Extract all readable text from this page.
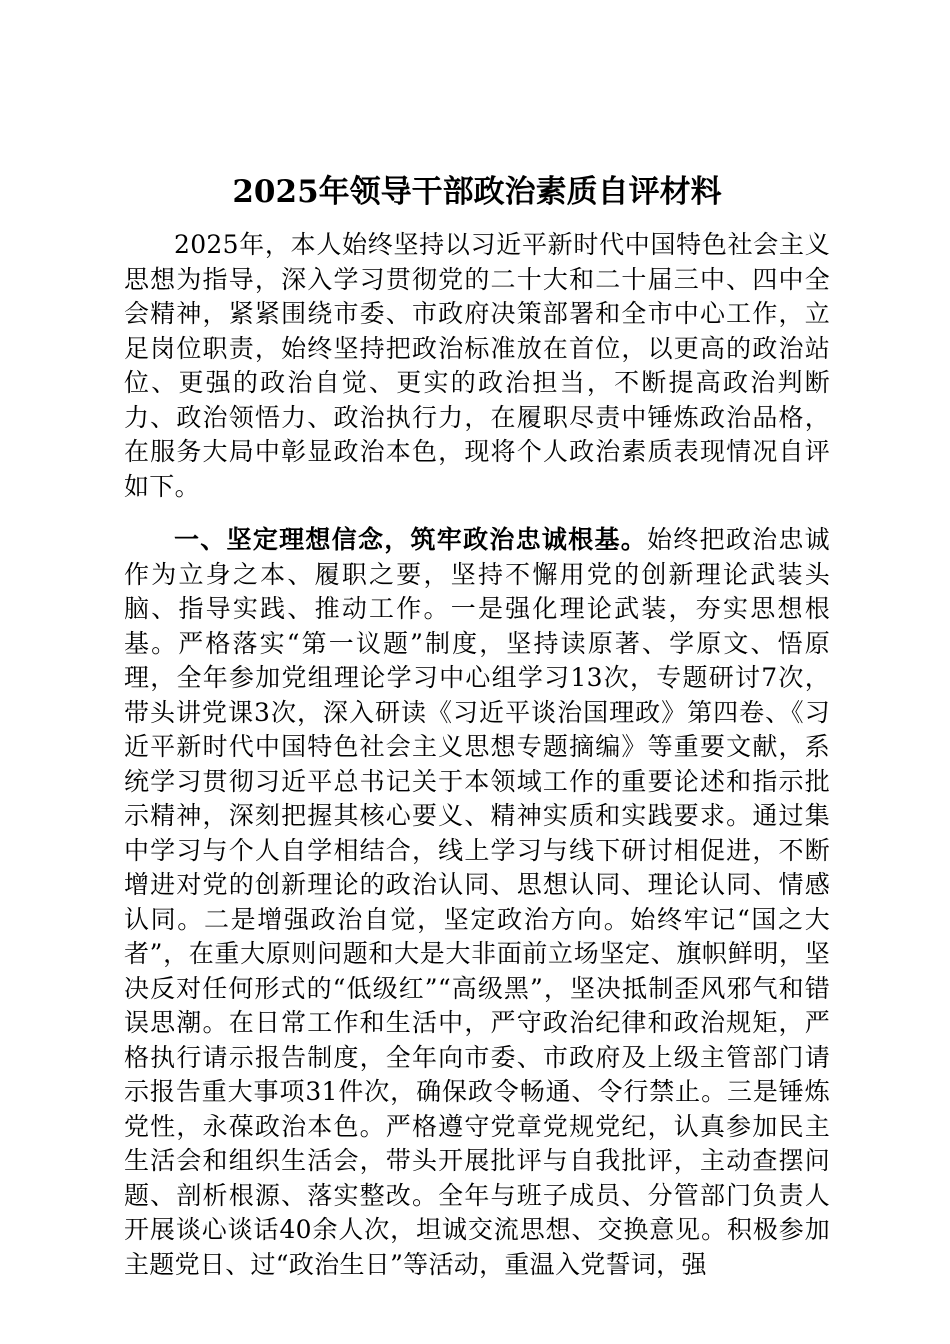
2025年领导干部政治素质自评材料

2025年，本人始终坚持以习近平新时代中国特色社会主义思想为指导，深入学习贯彻党的二十大和二十届三中、四中全会精神，紧紧围绕市委、市政府决策部署和全市中心工作，立足岗位职责，始终坚持把政治标准放在首位，以更高的政治站位、更强的政治自觉、更实的政治担当，不断提高政治判断力、政治领悟力、政治执行力，在履职尽责中锤炼政治品格，在服务大局中彰显政治本色，现将个人政治素质表现情况自评如下。

一、坚定理想信念，筑牢政治忠诚根基。始终把政治忠诚作为立身之本、履职之要，坚持不懈用党的创新理论武装头脑、指导实践、推动工作。一是强化理论武装，夯实思想根基。严格落实“第一议题”制度，坚持读原著、学原文、悟原理，全年参加党组理论学习中心组学习13次，专题研讨7次，带头讲党课3次，深入研读《习近平谈治国理政》第四卷、《习近平新时代中国特色社会主义思想专题摘编》等重要文献，系统学习贯彻习近平总书记关于本领域工作的重要论述和指示批示精神，深刻把握其核心要义、精神实质和实践要求。通过集中学习与个人自学相结合，线上学习与线下研讨相促进，不断增进对党的创新理论的政治认同、思想认同、理论认同、情感认同。二是增强政治自觉，坚定政治方向。始终牢记“国之大者”，在重大原则问题和大是大非面前立场坚定、旗帜鲜明，坚决反对任何形式的“低级红”“高级黑”，坚决抵制歪风邪气和错误思潮。在日常工作和生活中，严守政治纪律和政治规矩，严格执行请示报告制度，全年向市委、市政府及上级主管部门请示报告重大事项31件次，确保政令畅通、令行禁止。三是锤炼党性，永葆政治本色。严格遵守党章党规党纪，认真参加民主生活会和组织生活会，带头开展批评与自我批评，主动查摆问题、剖析根源、落实整改。全年与班子成员、分管部门负责人开展谈心谈话40余人次，坦诚交流思想、交换意见。积极参加主题党日、过“政治生日”等活动，重温入党誓词，强
